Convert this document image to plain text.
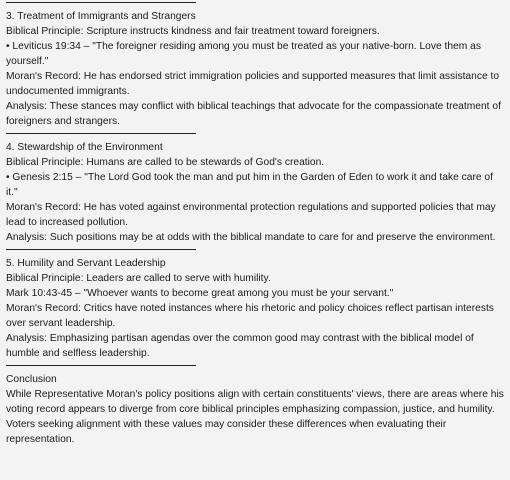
3. Treatment of Immigrants and Strangers
Biblical Principle: Scripture instructs kindness and fair treatment toward foreigners.
• Leviticus 19:34 – "The foreigner residing among you must be treated as your native-born. Love them as yourself."
Moran's Record: He has endorsed strict immigration policies and supported measures that limit assistance to undocumented immigrants.
Analysis: These stances may conflict with biblical teachings that advocate for the compassionate treatment of foreigners and strangers.
4. Stewardship of the Environment
Biblical Principle: Humans are called to be stewards of God's creation.
• Genesis 2:15 – "The Lord God took the man and put him in the Garden of Eden to work it and take care of it."
Moran's Record: He has voted against environmental protection regulations and supported policies that may lead to increased pollution.
Analysis: Such positions may be at odds with the biblical mandate to care for and preserve the environment.
5. Humility and Servant Leadership
Biblical Principle: Leaders are called to serve with humility.
Mark 10:43-45 – "Whoever wants to become great among you must be your servant."
Moran's Record: Critics have noted instances where his rhetoric and policy choices reflect partisan interests over servant leadership.
Analysis: Emphasizing partisan agendas over the common good may contrast with the biblical model of humble and selfless leadership.
Conclusion
While Representative Moran's policy positions align with certain constituents' views, there are areas where his voting record appears to diverge from core biblical principles emphasizing compassion, justice, and humility. Voters seeking alignment with these values may consider these differences when evaluating their representation.
